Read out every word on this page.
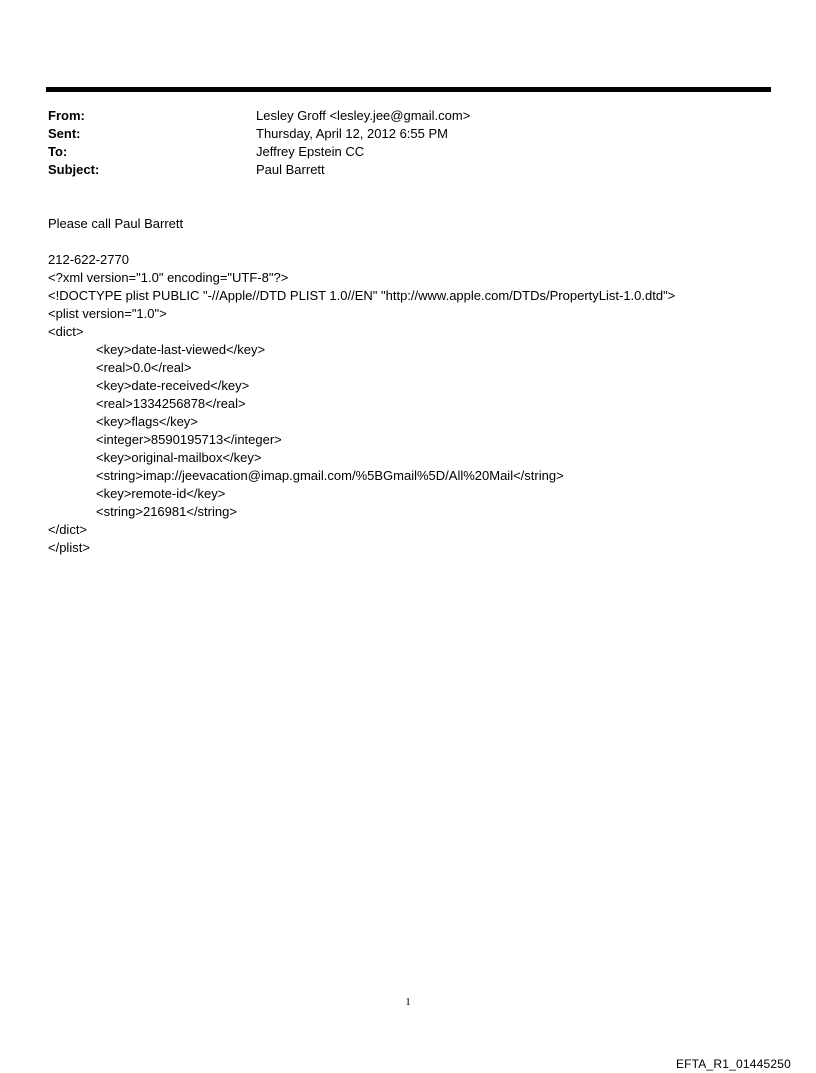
From:	Lesley Groff <lesley.jee@gmail.com>
Sent:	Thursday, April 12, 2012 6:55 PM
To:	Jeffrey Epstein CC
Subject:	Paul Barrett
Please call Paul Barrett
212-622-2770
<?xml version="1.0" encoding="UTF-8"?>
<!DOCTYPE plist PUBLIC "-//Apple//DTD PLIST 1.0//EN" "http://www.apple.com/DTDs/PropertyList-1.0.dtd">
<plist version="1.0">
<dict>
<key>date-last-viewed</key>
<real>0.0</real>
<key>date-received</key>
<real>1334256878</real>
<key>flags</key>
<integer>8590195713</integer>
<key>original-mailbox</key>
<string>imap://jeevacation@imap.gmail.com/%5BGmail%5D/All%20Mail</string>
<key>remote-id</key>
<string>216981</string>
</dict>
</plist>
1
EFTA_R1_01445250
